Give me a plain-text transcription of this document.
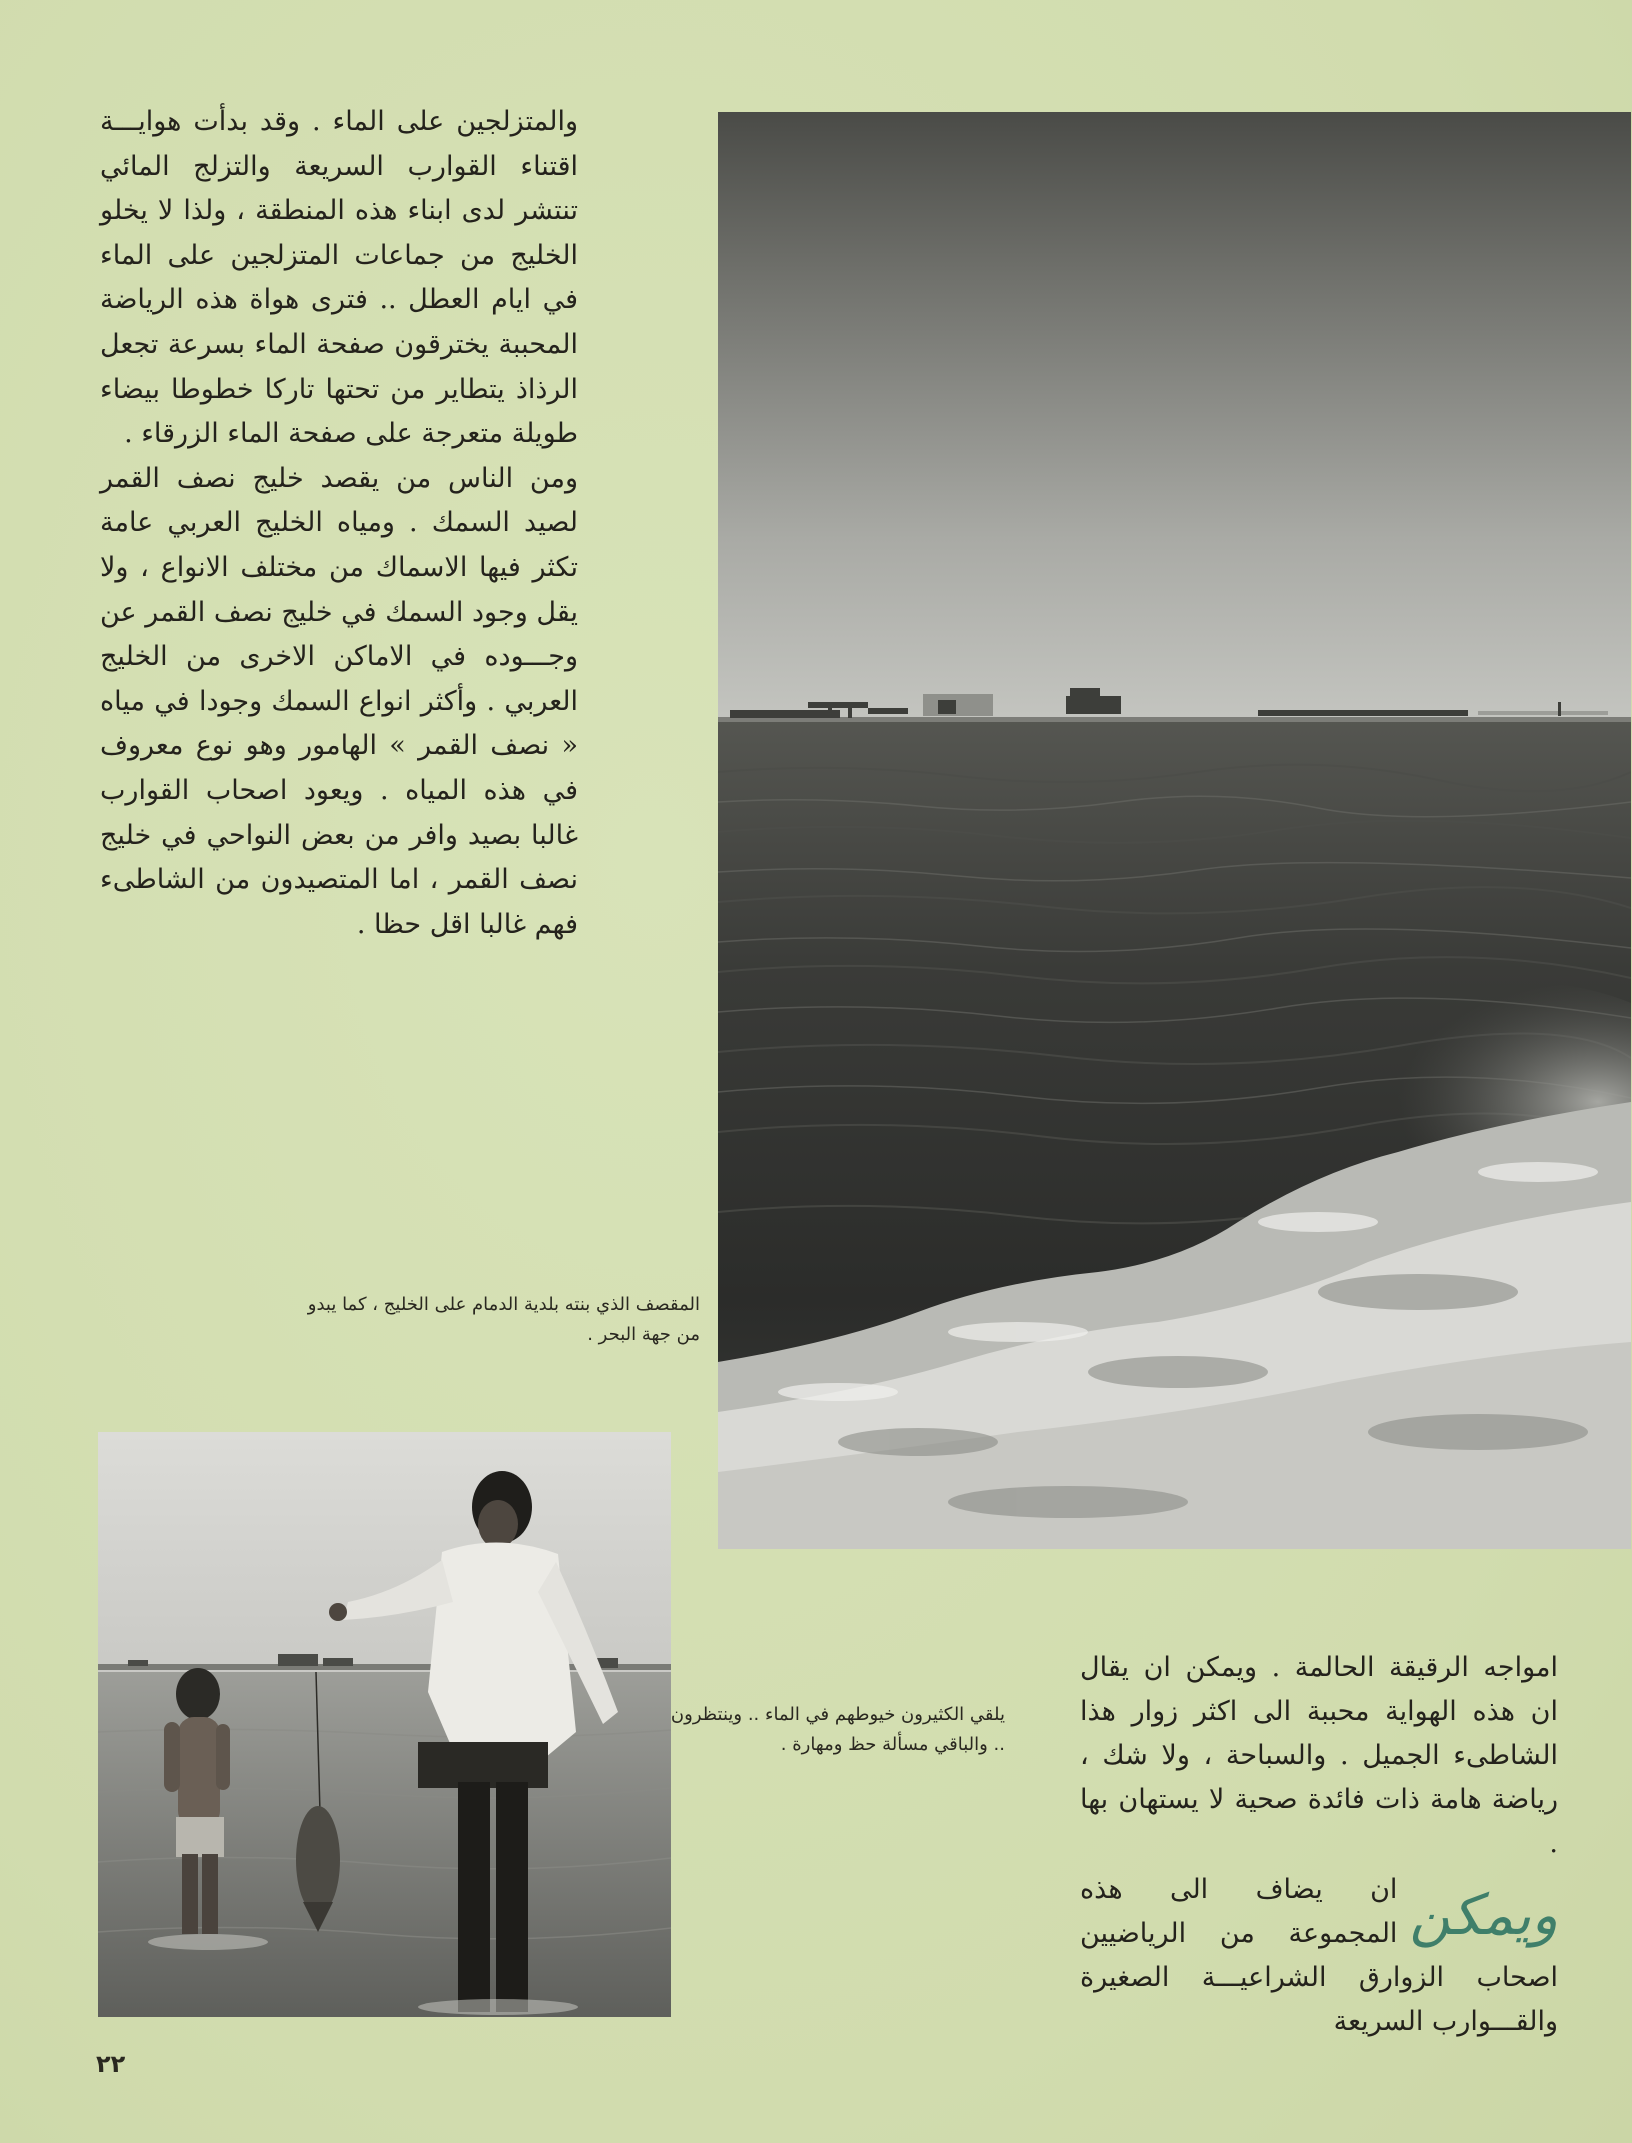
والمتزلجين على الماء . وقد بدأت هوايـــة اقتناء القوارب السريعة والتزلج المائي تنتشر لدى ابناء هذه المنطقة ، ولذا لا يخلو الخليج من جماعات المتزلجين على الماء في ايام العطل .. فترى هواة هذه الرياضة المحببة يخترقون صفحة الماء بسرعة تجعل الرذاذ يتطاير من تحتها تاركا خطوطا بيضاء طويلة متعرجة على صفحة الماء الزرقاء .

ومن الناس من يقصد خليج نصف القمر لصيد السمك . ومياه الخليج العربي عامة تكثر فيها الاسماك من مختلف الانواع ، ولا يقل وجود السمك في خليج نصف القمر عن وجـــوده في الاماكن الاخرى من الخليج العربي . وأكثر انواع السمك وجودا في مياه « نصف القمر » الهامور وهو نوع معروف في هذه المياه . ويعود اصحاب القوارب غالبا بصيد وافر من بعض النواحي في خليج نصف القمر ، اما المتصيدون من الشاطىء فهم غالبا اقل حظا .

المقصف الذي بنته بلدية الدمام على الخليج ، كما يبدو من جهة البحر .
يلقي الكثيرون خيوطهم في الماء .. وينتظرون .. والباقي مسألة حظ ومهارة .

امواجه الرقيقة الحالمة . ويمكن ان يقال ان هذه الهواية محببة الى اكثر زوار هذا الشاطىء الجميل . والسباحة ، ولا شك ، رياضة هامة ذات فائدة صحية لا يستهان بها .

ويمكن
ان يضاف الى هذه المجموعة من الرياضيين اصحاب الزوارق الشراعيـــة الصغيرة والقـــوارب السريعة
٢٢
